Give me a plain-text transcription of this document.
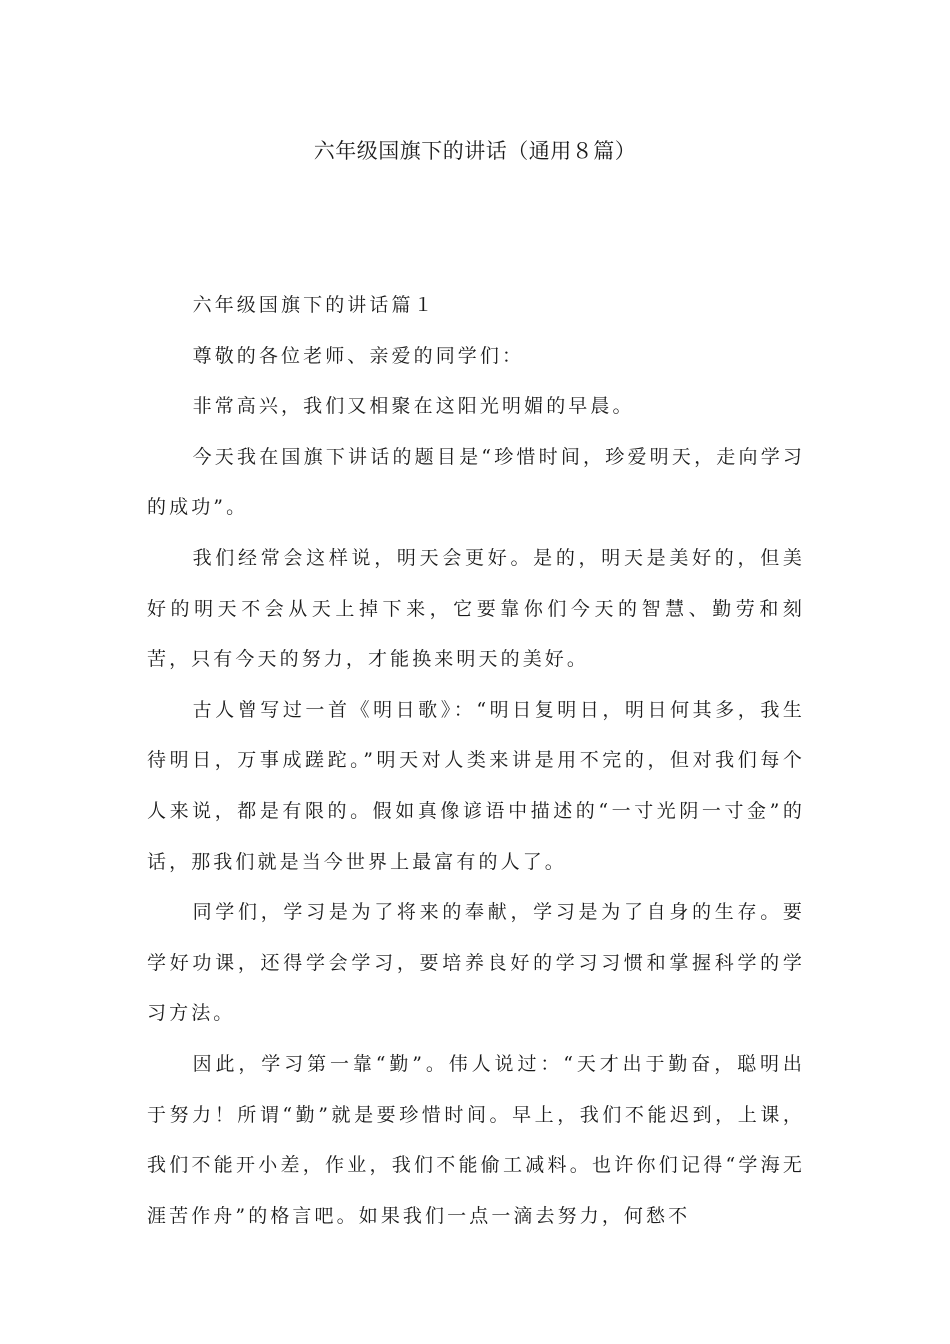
六年级国旗下的讲话（通用８篇）

六年级国旗下的讲话篇１

尊敬的各位老师、亲爱的同学们：

非常高兴，我们又相聚在这阳光明媚的早晨。

今天我在国旗下讲话的题目是“珍惜时间，珍爱明天，走向学习的成功”。

我们经常会这样说，明天会更好。是的，明天是美好的，但美好的明天不会从天上掉下来，它要靠你们今天的智慧、勤劳和刻苦，只有今天的努力，才能换来明天的美好。

古人曾写过一首《明日歌》：“明日复明日，明日何其多，我生待明日，万事成蹉跎。”明天对人类来讲是用不完的，但对我们每个人来说，都是有限的。假如真像谚语中描述的“一寸光阴一寸金”的话，那我们就是当今世界上最富有的人了。

同学们，学习是为了将来的奉献，学习是为了自身的生存。要学好功课，还得学会学习，要培养良好的学习习惯和掌握科学的学习方法。

因此，学习第一靠“勤”。伟人说过：“天才出于勤奋，聪明出于努力！所谓“勤”就是要珍惜时间。早上，我们不能迟到，上课，我们不能开小差，作业，我们不能偷工减料。也许你们记得“学海无涯苦作舟”的格言吧。如果我们一点一滴去努力，何愁不
